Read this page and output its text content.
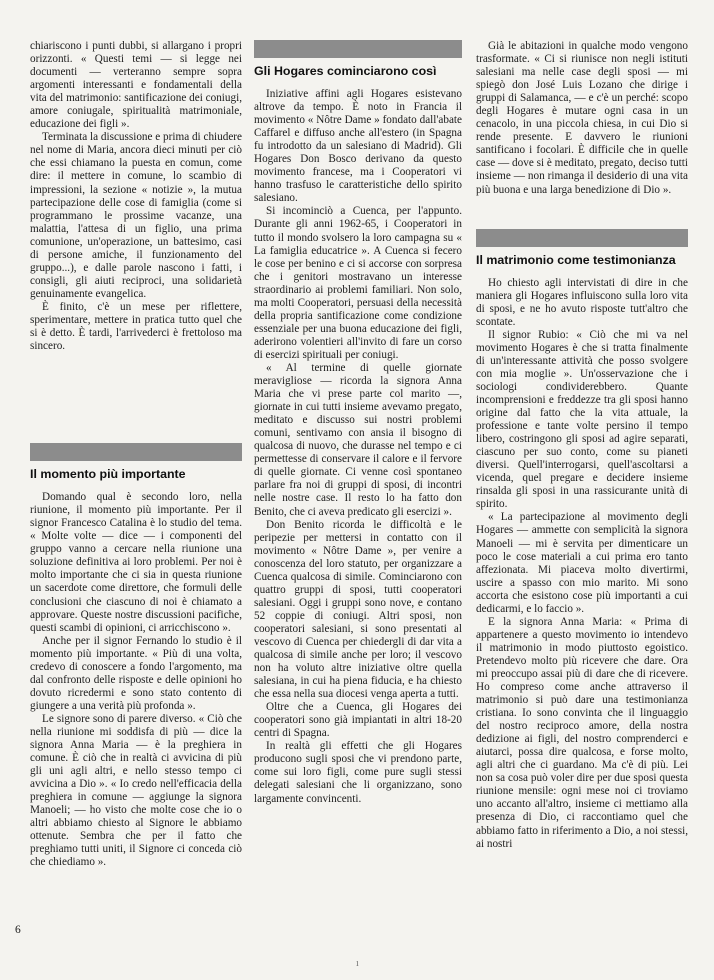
chiariscono i punti dubbi, si allargano i propri orizzonti. « Questi temi — si legge nei documenti — verteranno sempre sopra argomenti interessanti e fondamentali della vita del matrimonio: santificazione dei coniugi, amore coniugale, spiritualità matrimoniale, educazione dei figli ».

Terminata la discussione e prima di chiudere nel nome di Maria, ancora dieci minuti per ciò che essi chiamano la puesta en comun, come dire: il mettere in comune, lo scambio di impressioni, la sezione « notizie », la mutua partecipazione delle cose di famiglia (come si programmano le prossime vacanze, una malattia, l'attesa di un figlio, una prima comunione, un'operazione, un battesimo, casi di persone amiche, il funzionamento del gruppo...), e dalle parole nascono i fatti, i consigli, gli aiuti reciproci, una solidarietà genuinamente evangelica.

È finito, c'è un mese per riflettere, sperimentare, mettere in pratica tutto quel che si è detto. È tardi, l'arrivederci è frettoloso ma sincero.

Il momento più importante

Domando qual è secondo loro, nella riunione, il momento più importante. Per il signor Francesco Catalina è lo studio del tema. « Molte volte — dice — i componenti del gruppo vanno a cercare nella riunione una soluzione definitiva ai loro problemi. Per noi è molto importante che ci sia in questa riunione un sacerdote come direttore, che formuli delle conclusioni che ciascuno di noi è chiamato a approvare. Queste nostre discussioni pacifiche, questi scambi di opinioni, ci arricchiscono ».

Anche per il signor Fernando lo studio è il momento più importante. « Più di una volta, credevo di conoscere a fondo l'argomento, ma dal confronto delle risposte e delle opinioni ho dovuto ricredermi e sono stato contento di giungere a una verità più profonda ».

Le signore sono di parere diverso. « Ciò che nella riunione mi soddisfa di più — dice la signora Anna Maria — è la preghiera in comune. È ciò che in realtà ci avvicina di più gli uni agli altri, e nello stesso tempo ci avvicina a Dio ». « Io credo nell'efficacia della preghiera in comune — aggiunge la signora Manoeli; — ho visto che molte cose che io o altri abbiamo chiesto al Signore le abbiamo ottenute. Sembra che per il fatto che preghiamo tutti uniti, il Signore ci conceda ciò che chiediamo ».

Gli Hogares cominciarono così

Iniziative affini agli Hogares esistevano altrove da tempo. È noto in Francia il movimento « Nôtre Dame » fondato dall'abate Caffarel e diffuso anche all'estero (in Spagna fu introdotto da un salesiano di Madrid). Gli Hogares Don Bosco derivano da questo movimento francese, ma i Cooperatori vi hanno trasfuso le caratteristiche dello spirito salesiano.

Si incominciò a Cuenca, per l'appunto. Durante gli anni 1962-65, i Cooperatori in tutto il mondo svolsero la loro campagna su « La famiglia educatrice ». A Cuenca si fecero le cose per benino e ci si accorse con sorpresa che i genitori mostravano un interesse straordinario ai problemi familiari. Non solo, ma molti Cooperatori, persuasi della necessità della propria santificazione come condizione essenziale per una buona educazione dei figli, aderirono volentieri all'invito di fare un corso di esercizi spirituali per coniugi.

« Al termine di quelle giornate meravigliose — ricorda la signora Anna Maria che vi prese parte col marito —, giornate in cui tutti insieme avevamo pregato, meditato e discusso sui nostri problemi comuni, sentivamo con ansia il bisogno di qualcosa di nuovo, che durasse nel tempo e ci permettesse di conservare il calore e il fervore di quelle giornate. Ci venne così spontaneo parlare fra noi di gruppi di sposi, di incontri nelle nostre case. Il resto lo ha fatto don Benito, che ci aveva predicato gli esercizi ».

Don Benito ricorda le difficoltà e le peripezie per mettersi in contatto con il movimento « Nôtre Dame », per venire a conoscenza del loro statuto, per organizzare a Cuenca qualcosa di simile. Cominciarono con quattro gruppi di sposi, tutti cooperatori salesiani. Oggi i gruppi sono nove, e contano 52 coppie di coniugi. Altri sposi, non cooperatori salesiani, si sono presentati al vescovo di Cuenca per chiedergli di dar vita a qualcosa di simile anche per loro; il vescovo non ha voluto altre iniziative oltre quella salesiana, in cui ha piena fiducia, e ha chiesto che essa nella sua diocesi venga aperta a tutti.

Oltre che a Cuenca, gli Hogares dei cooperatori sono già impiantati in altri 18-20 centri di Spagna.

In realtà gli effetti che gli Hogares producono sugli sposi che vi prendono parte, come sui loro figli, come pure sugli stessi delegati salesiani che li organizzano, sono largamente convincenti.

Già le abitazioni in qualche modo vengono trasformate. « Ci si riunisce non negli istituti salesiani ma nelle case degli sposi — mi spiegò don José Luis Lozano che dirige i gruppi di Salamanca, — e c'è un perché: scopo degli Hogares è mutare ogni casa in un cenacolo, in una piccola chiesa, in cui Dio si rende presente. E davvero le riunioni santificano i focolari. È difficile che in quelle case — dove si è meditato, pregato, deciso tutti insieme — non rimanga il desiderio di una vita più buona e una larga benedizione di Dio ».

Il matrimonio come testimonianza

Ho chiesto agli intervistati di dire in che maniera gli Hogares influiscono sulla loro vita di sposi, e ne ho avuto risposte tutt'altro che scontate.

Il signor Rubio: « Ciò che mi va nel movimento Hogares è che si tratta finalmente di un'interessante attività che posso svolgere con mia moglie ». Un'osservazione che i sociologi condividerebbero. Quante incomprensioni e freddezze tra gli sposi hanno origine dal fatto che la vita attuale, la professione e tante volte persino il tempo libero, costringono gli sposi ad agire separati, ciascuno per suo conto, come su pianeti diversi. Quell'interrogarsi, quell'ascoltarsi a vicenda, quel pregare e decidere insieme rinsalda gli sposi in una rassicurante unità di spirito.

« La partecipazione al movimento degli Hogares — ammette con semplicità la signora Manoeli — mi è servita per dimenticare un poco le cose materiali a cui prima ero tanto affezionata. Mi piaceva molto divertirmi, uscire a spasso con mio marito. Mi sono accorta che esistono cose più importanti a cui dedicarmi, e lo faccio ».

E la signora Anna Maria: « Prima di appartenere a questo movimento io intendevo il matrimonio in modo piuttosto egoistico. Pretendevo molto più ricevere che dare. Ora mi preoccupo assai più di dare che di ricevere. Ho compreso come anche attraverso il matrimonio si può dare una testimonianza cristiana. Io sono convinta che il linguaggio del nostro reciproco amore, della nostra dedizione ai figli, del nostro comprenderci e aiutarci, possa dire qualcosa, e forse molto, agli altri che ci guardano. Ma c'è di più. Lei non sa cosa può voler dire per due sposi questa riunione mensile: ogni mese noi ci troviamo uno accanto all'altro, insieme ci mettiamo alla presenza di Dio, ci raccontiamo quel che abbiamo fatto in riferimento a Dio, a noi stessi, ai nostri

6
ı
